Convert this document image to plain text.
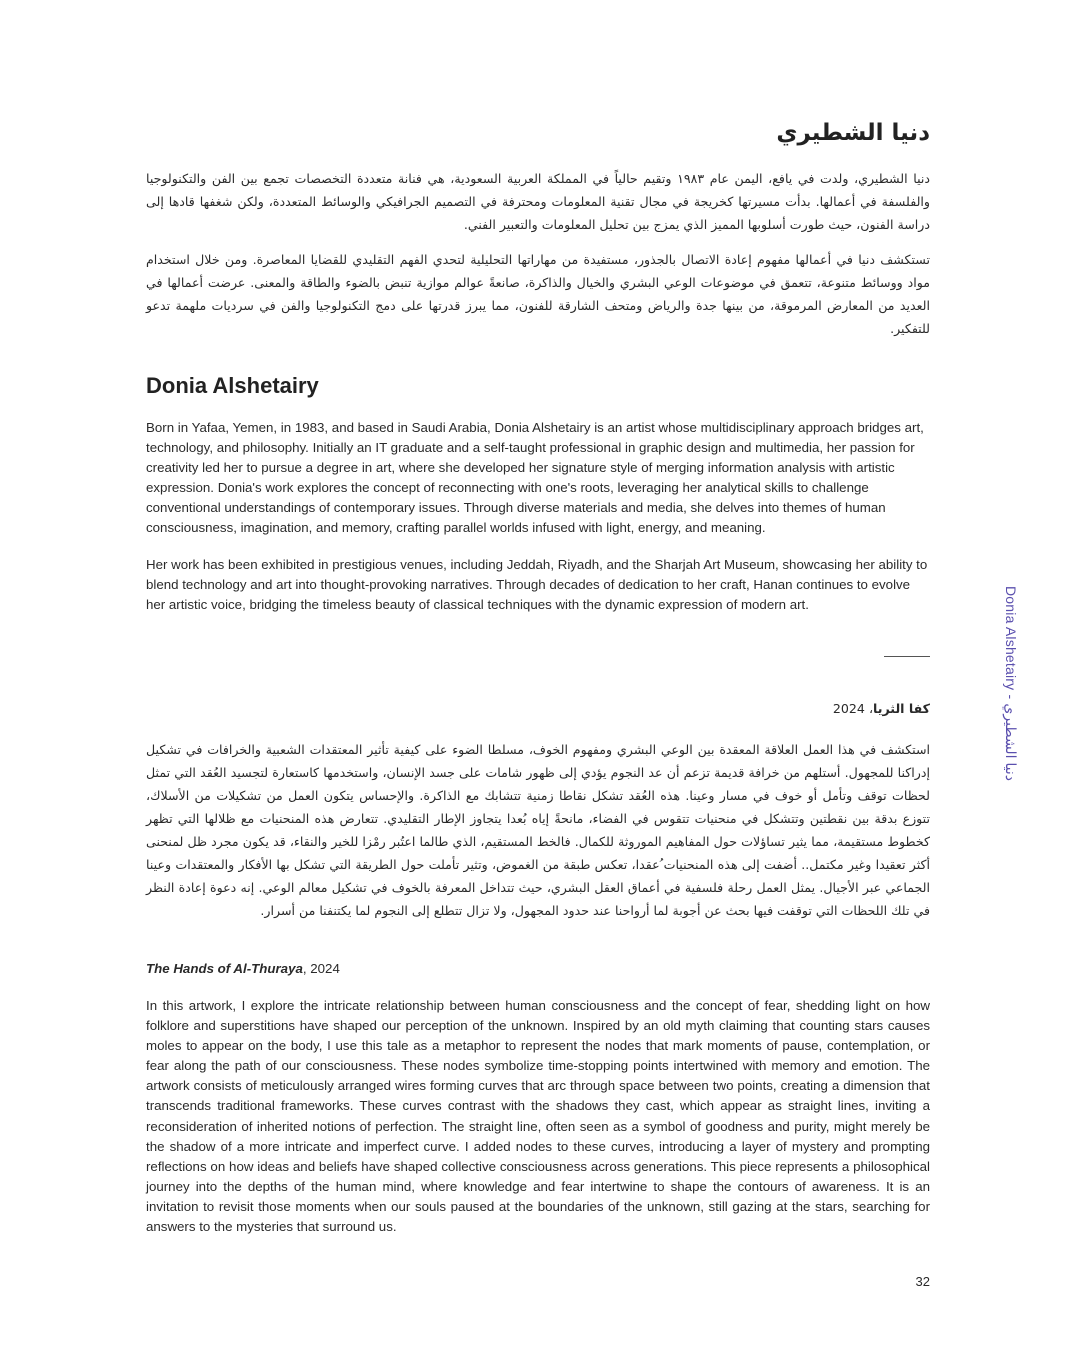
دنيا الشطيري

دنيا الشطيري، ولدت في يافع، اليمن عام ١٩٨٣ وتقيم حالياً في المملكة العربية السعودية، هي فنانة متعددة التخصصات تجمع بين الفن والتكنولوجيا والفلسفة في أعمالها. بدأت مسيرتها كخريجة في مجال تقنية المعلومات ومحترفة في التصميم الجرافيكي والوسائط المتعددة، ولكن شغفها قادها إلى دراسة الفنون، حيث طورت أسلوبها المميز الذي يمزج بين تحليل المعلومات والتعبير الفني.

تستكشف دنيا في أعمالها مفهوم إعادة الاتصال بالجذور، مستفيدة من مهاراتها التحليلية لتحدي الفهم التقليدي للقضايا المعاصرة. ومن خلال استخدام مواد ووسائط متنوعة، تتعمق في موضوعات الوعي البشري والخيال والذاكرة، صانعةً عوالم موازية تنبض بالضوء والطاقة والمعنى. عرضت أعمالها في العديد من المعارض المرموقة، من بينها جدة والرياض ومتحف الشارقة للفنون، مما يبرز قدرتها على دمج التكنولوجيا والفن في سرديات ملهمة تدعو للتفكير.

Donia Alshetairy

Born in Yafaa, Yemen, in 1983, and based in Saudi Arabia, Donia Alshetairy is an artist whose multidisciplinary approach bridges art, technology, and philosophy. Initially an IT graduate and a self-taught professional in graphic design and multimedia, her passion for creativity led her to pursue a degree in art, where she developed her signature style of merging information analysis with artistic expression. Donia's work explores the concept of reconnecting with one's roots, leveraging her analytical skills to challenge conventional understandings of contemporary issues. Through diverse materials and media, she delves into themes of human consciousness, imagination, and memory, crafting parallel worlds infused with light, energy, and meaning.

Her work has been exhibited in prestigious venues, including Jeddah, Riyadh, and the Sharjah Art Museum, showcasing her ability to blend technology and art into thought-provoking narratives. Through decades of dedication to her craft, Hanan continues to evolve her artistic voice, bridging the timeless beauty of classical techniques with the dynamic expression of modern art.

كفا الثريا، 2024

استكشف في هذا العمل العلاقة المعقدة بين الوعي البشري ومفهوم الخوف، مسلطا الضوء على كيفية تأثير المعتقدات الشعبية والخرافات في تشكيل إدراكنا للمجهول. أستلهم من خرافة قديمة تزعم أن عد النجوم يؤدي إلى ظهور شامات على جسد الإنسان، واستخدمها كاستعارة لتجسيد العُقد التي تمثل لحظات توقف وتأمل أو خوف في مسار وعينا. هذه العُقد تشكل نقاطا زمنية تتشابك مع الذاكرة. والإحساس يتكون العمل من تشكيلات من الأسلاك، تتوزع بدقة بين نقطتين وتتشكل في منحنيات تتقوس في الفضاء، مانحةً إياه بُعدا يتجاوز الإطار التقليدي. تتعارض هذه المنحنيات مع ظلالها التي تظهر كخطوط مستقيمة، مما يثير تساؤلات حول المفاهيم الموروثة للكمال. فالخط المستقيم، الذي طالما اعتُبر رمْزا للخير والنقاء، قد يكون مجرد ظل لمنحنى أكثر تعقيدا وغير مكتمل.. أضفت إلى هذه المنحنيات ُعقدا، تعكس طبقة من الغموض، وتثير تأملت حول الطريقة التي تشكل بها الأفكار والمعتقدات وعينا الجماعي عبر الأجيال. يمثل العمل رحلة فلسفية في أعماق العقل البشري، حيث تتداخل المعرفة بالخوف في تشكيل معالم الوعي. إنه دعوة إعادة النظر في تلك اللحظات التي توقفت فيها بحث عن أجوبة لما أرواحنا عند حدود المجهول، ولا تزال تتطلع إلى النجوم لما يكتنفنا من أسرار.

The Hands of Al-Thuraya, 2024

In this artwork, I explore the intricate relationship between human consciousness and the concept of fear, shedding light on how folklore and superstitions have shaped our perception of the unknown. Inspired by an old myth claiming that counting stars causes moles to appear on the body, I use this tale as a metaphor to represent the nodes that mark moments of pause, contemplation, or fear along the path of our consciousness. These nodes symbolize time-stopping points intertwined with memory and emotion. The artwork consists of meticulously arranged wires forming curves that arc through space between two points, creating a dimension that transcends traditional frameworks. These curves contrast with the shadows they cast, which appear as straight lines, inviting a reconsideration of inherited notions of perfection. The straight line, often seen as a symbol of goodness and purity, might merely be the shadow of a more intricate and imperfect curve. I added nodes to these curves, introducing a layer of mystery and prompting reflections on how ideas and beliefs have shaped collective consciousness across generations. This piece represents a philosophical journey into the depths of the human mind, where knowledge and fear intertwine to shape the contours of awareness. It is an invitation to revisit those moments when our souls paused at the boundaries of the unknown, still gazing at the stars, searching for answers to the mysteries that surround us.

Donia Alshetairy - دنيا الشطيري
32
